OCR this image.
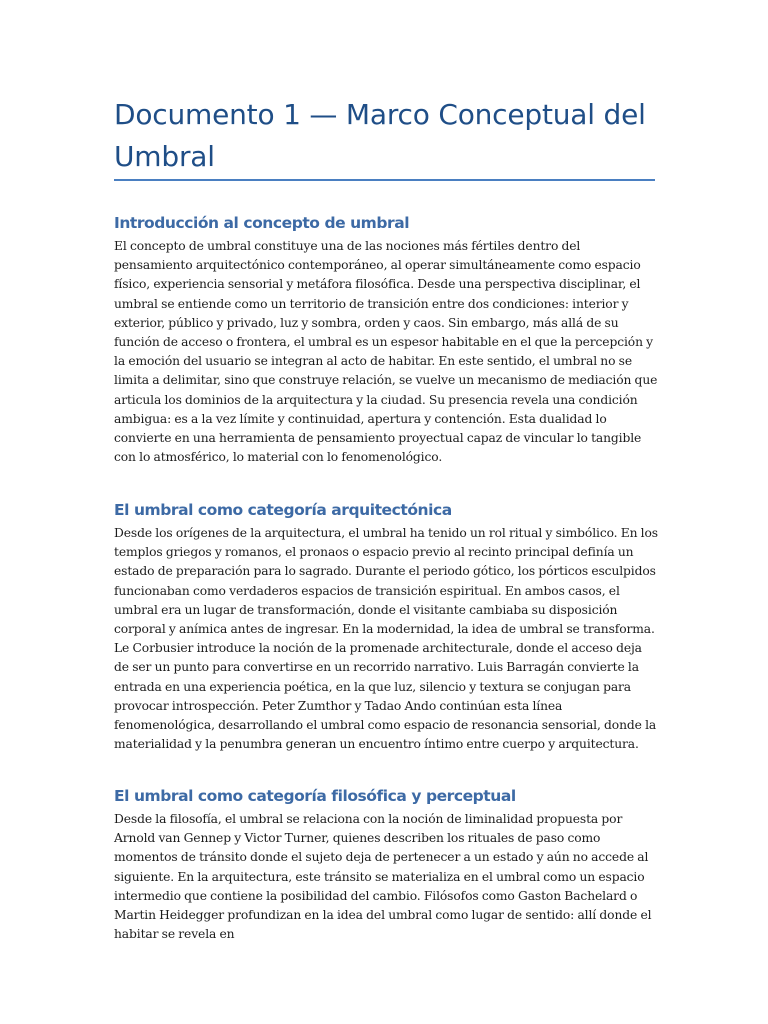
Documento 1 — Marco Conceptual del Umbral
Introducción al concepto de umbral

El concepto de umbral constituye una de las nociones más fértiles dentro del pensamiento arquitectónico contemporáneo, al operar simultáneamente como espacio físico, experiencia sensorial y metáfora filosófica. Desde una perspectiva disciplinar, el umbral se entiende como un territorio de transición entre dos condiciones: interior y exterior, público y privado, luz y sombra, orden y caos. Sin embargo, más allá de su función de acceso o frontera, el umbral es un espesor habitable en el que la percepción y la emoción del usuario se integran al acto de habitar. En este sentido, el umbral no se limita a delimitar, sino que construye relación, se vuelve un mecanismo de mediación que articula los dominios de la arquitectura y la ciudad. Su presencia revela una condición ambigua: es a la vez límite y continuidad, apertura y contención. Esta dualidad lo convierte en una herramienta de pensamiento proyectual capaz de vincular lo tangible con lo atmosférico, lo material con lo fenomenológico.

El umbral como categoría arquitectónica

Desde los orígenes de la arquitectura, el umbral ha tenido un rol ritual y simbólico. En los templos griegos y romanos, el pronaos o espacio previo al recinto principal definía un estado de preparación para lo sagrado. Durante el periodo gótico, los pórticos esculpidos funcionaban como verdaderos espacios de transición espiritual. En ambos casos, el umbral era un lugar de transformación, donde el visitante cambiaba su disposición corporal y anímica antes de ingresar. En la modernidad, la idea de umbral se transforma. Le Corbusier introduce la noción de la promenade architecturale, donde el acceso deja de ser un punto para convertirse en un recorrido narrativo. Luis Barragán convierte la entrada en una experiencia poética, en la que luz, silencio y textura se conjugan para provocar introspección. Peter Zumthor y Tadao Ando continúan esta línea fenomenológica, desarrollando el umbral como espacio de resonancia sensorial, donde la materialidad y la penumbra generan un encuentro íntimo entre cuerpo y arquitectura.

El umbral como categoría filosófica y perceptual

Desde la filosofía, el umbral se relaciona con la noción de liminalidad propuesta por Arnold van Gennep y Victor Turner, quienes describen los rituales de paso como momentos de tránsito donde el sujeto deja de pertenecer a un estado y aún no accede al siguiente. En la arquitectura, este tránsito se materializa en el umbral como un espacio intermedio que contiene la posibilidad del cambio. Filósofos como Gaston Bachelard o Martin Heidegger profundizan en la idea del umbral como lugar de sentido: allí donde el habitar se revela en
